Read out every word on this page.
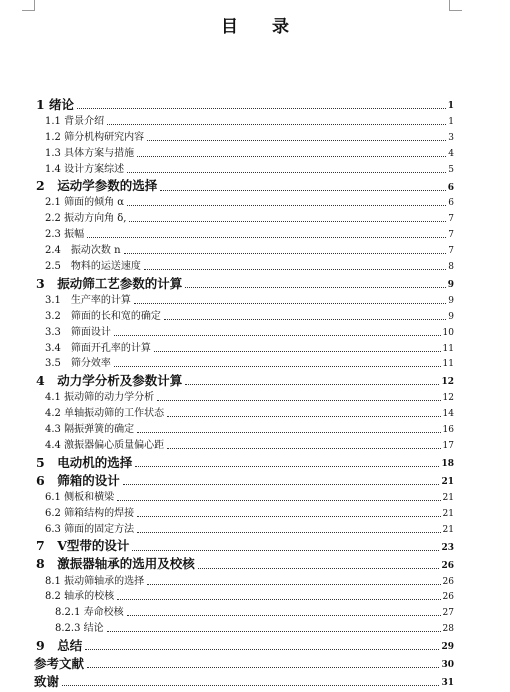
目 录
1 绪论	1
1.1 背景介绍	1
1.2 筛分机构研究内容	3
1.3 具体方案与措施	4
1.4 设计方案综述	5
2　运动学参数的选择	6
2.1 筛面的倾角 α	6
2.2 振动方向角 δ,	7
2.3 振幅	7
2.4　振动次数 n	7
2.5　物料的运送速度	8
3　振动筛工艺参数的计算	9
3.1　生产率的计算	9
3.2　筛面的长和宽的确定	9
3.3　筛面设计	10
3.4　筛面开孔率的计算	11
3.5　筛分效率	11
4　动力学分析及参数计算	12
4.1 振动筛的动力学分析	12
4.2 单轴振动筛的工作状态	14
4.3 隔振弹簧的确定	16
4.4 激振器偏心质量偏心距	17
5　电动机的选择	18
6　筛箱的设计	21
6.1 侧板和横梁	21
6.2 筛箱结构的焊接	21
6.3 筛面的固定方法	21
7　V型带的设计	23
8　激振器轴承的选用及校核	26
8.1 振动筛轴承的选择	26
8.2 轴承的校核	26
8.2.1 寿命校核	27
8.2.3 结论	28
9　总结	29
参考文献	30
致谢	31
